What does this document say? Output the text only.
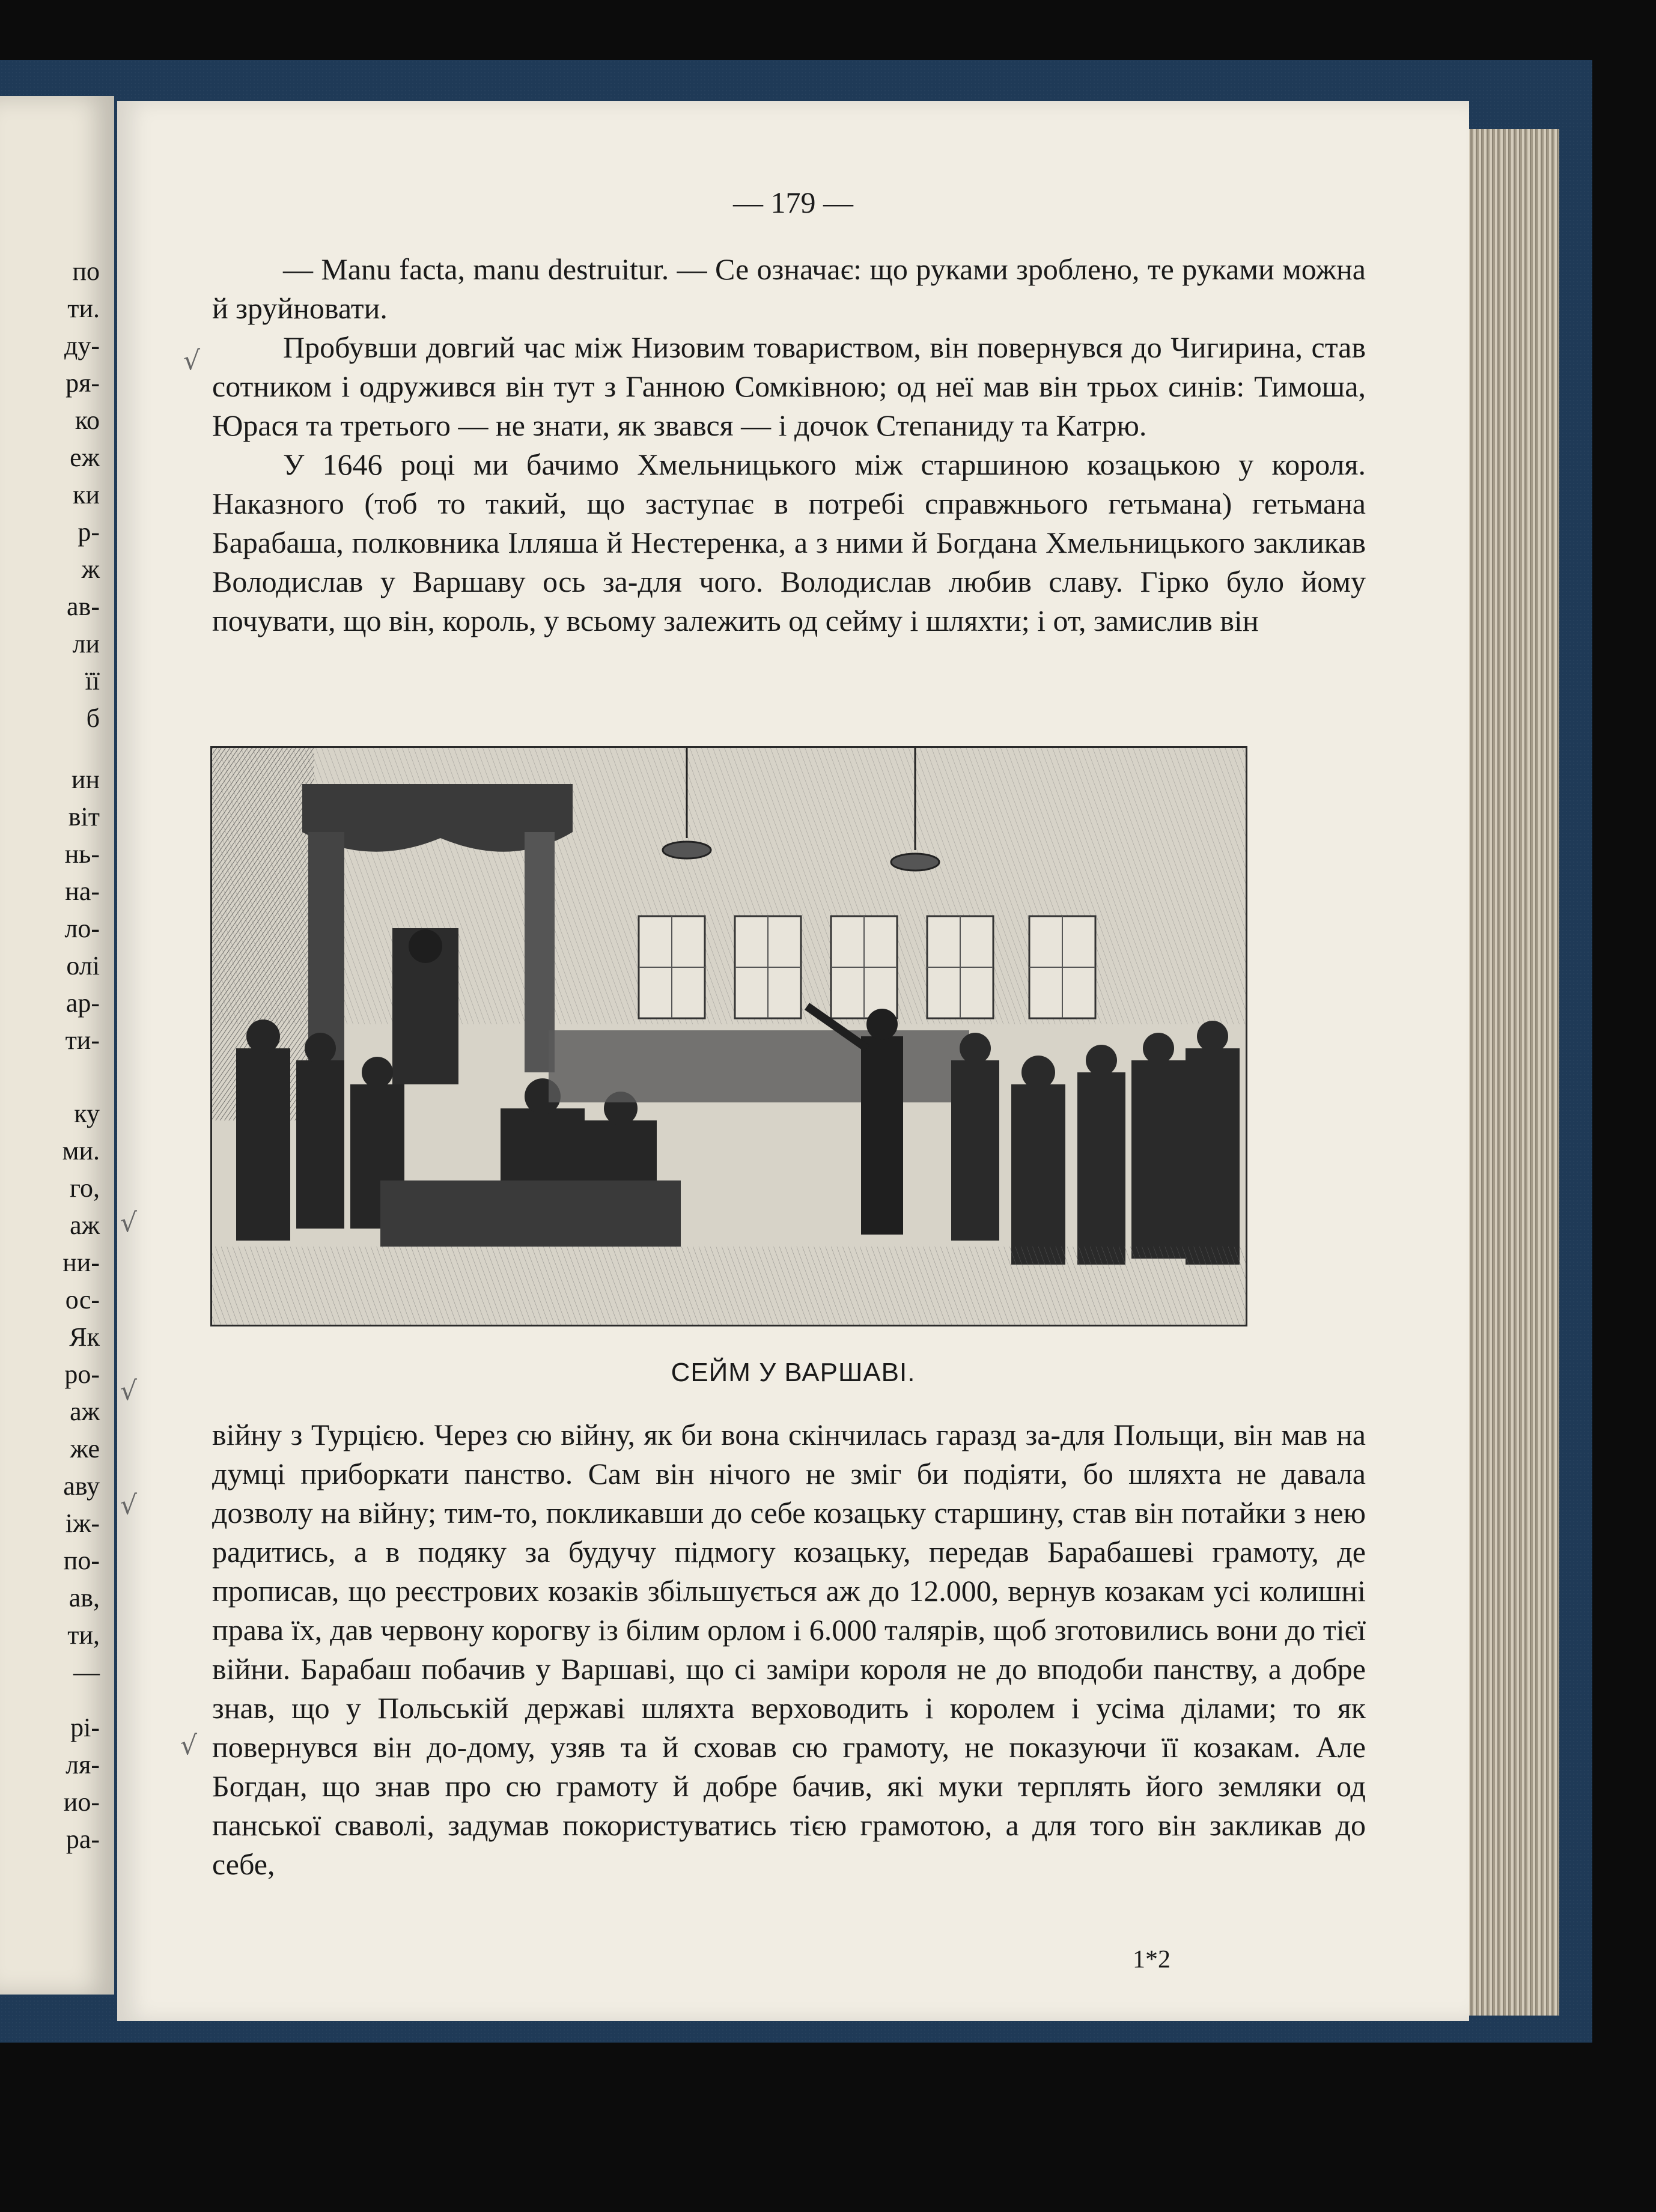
по
ти.
ду-
ря-
ко
еж
ки
р-
ж
ав-
ли
її
б
ин
віт
нь-
на-
ло-
олі
ар-
ти-
ку
ми.
го,
аж
ни-
ос-
Як
ро-
аж
же
аву
іж-
по-
ав,
ти,
—
рі-
ля-
ио-
ра-
— 179 —

— Manu facta, manu destruitur. — Се означає: що руками зроблено, те руками можна й зруйновати.

Пробувши довгий час між Низовим товариством, він повернувся до Чигирина, став сотником і одружився він тут з Ганною Сомківною; од неї мав він трьох синів: Тимоша, Юрася та третього — не знати, як звався — і дочок Степаниду та Катрю.

У 1646 році ми бачимо Хмельницького між старшиною козацькою у короля. Наказного (тоб то такий, що заступає в потребі справжнього гетьмана) гетьмана Барабаша, полковника Ілляша й Нестеренка, а з ними й Богдана Хмельницького закликав Володислав у Варшаву ось за-для чого. Володислав любив славу. Гірко було йому почувати, що він, король, у всьому залежить од сейму і шляхти; і от, замислив він

СЕЙМ У ВАРШАВІ.

війну з Турцією. Через сю війну, як би вона скінчилась гаразд за-для Польщи, він мав на думці приборкати панство. Сам він нічого не зміг би подіяти, бо шляхта не давала дозволу на війну; тим-то, покликавши до себе козацьку старшину, став він потайки з нею радитись, а в подяку за будучу підмогу козацьку, передав Барабашеві грамоту, де прописав, що реєстрових козаків збільшується аж до 12.000, вернув козакам усі колишні права їх, дав червону корогву із білим орлом і 6.000 талярів, щоб зготовились вони до тієї війни. Барабаш побачив у Варшаві, що сі заміри короля не до вподоби панству, а добре знав, що у Польській державі шляхта верховодить і королем і усіма ділами; то як повернувся він до-дому, узяв та й сховав сю грамоту, не показуючи її козакам. Але Богдан, що знав про сю грамоту й добре бачив, які муки терплять його земляки од панської сваволі, задумав покористуватись тією грамотою, а для того він закликав до себе,

1*2
√
√
√
√
√
